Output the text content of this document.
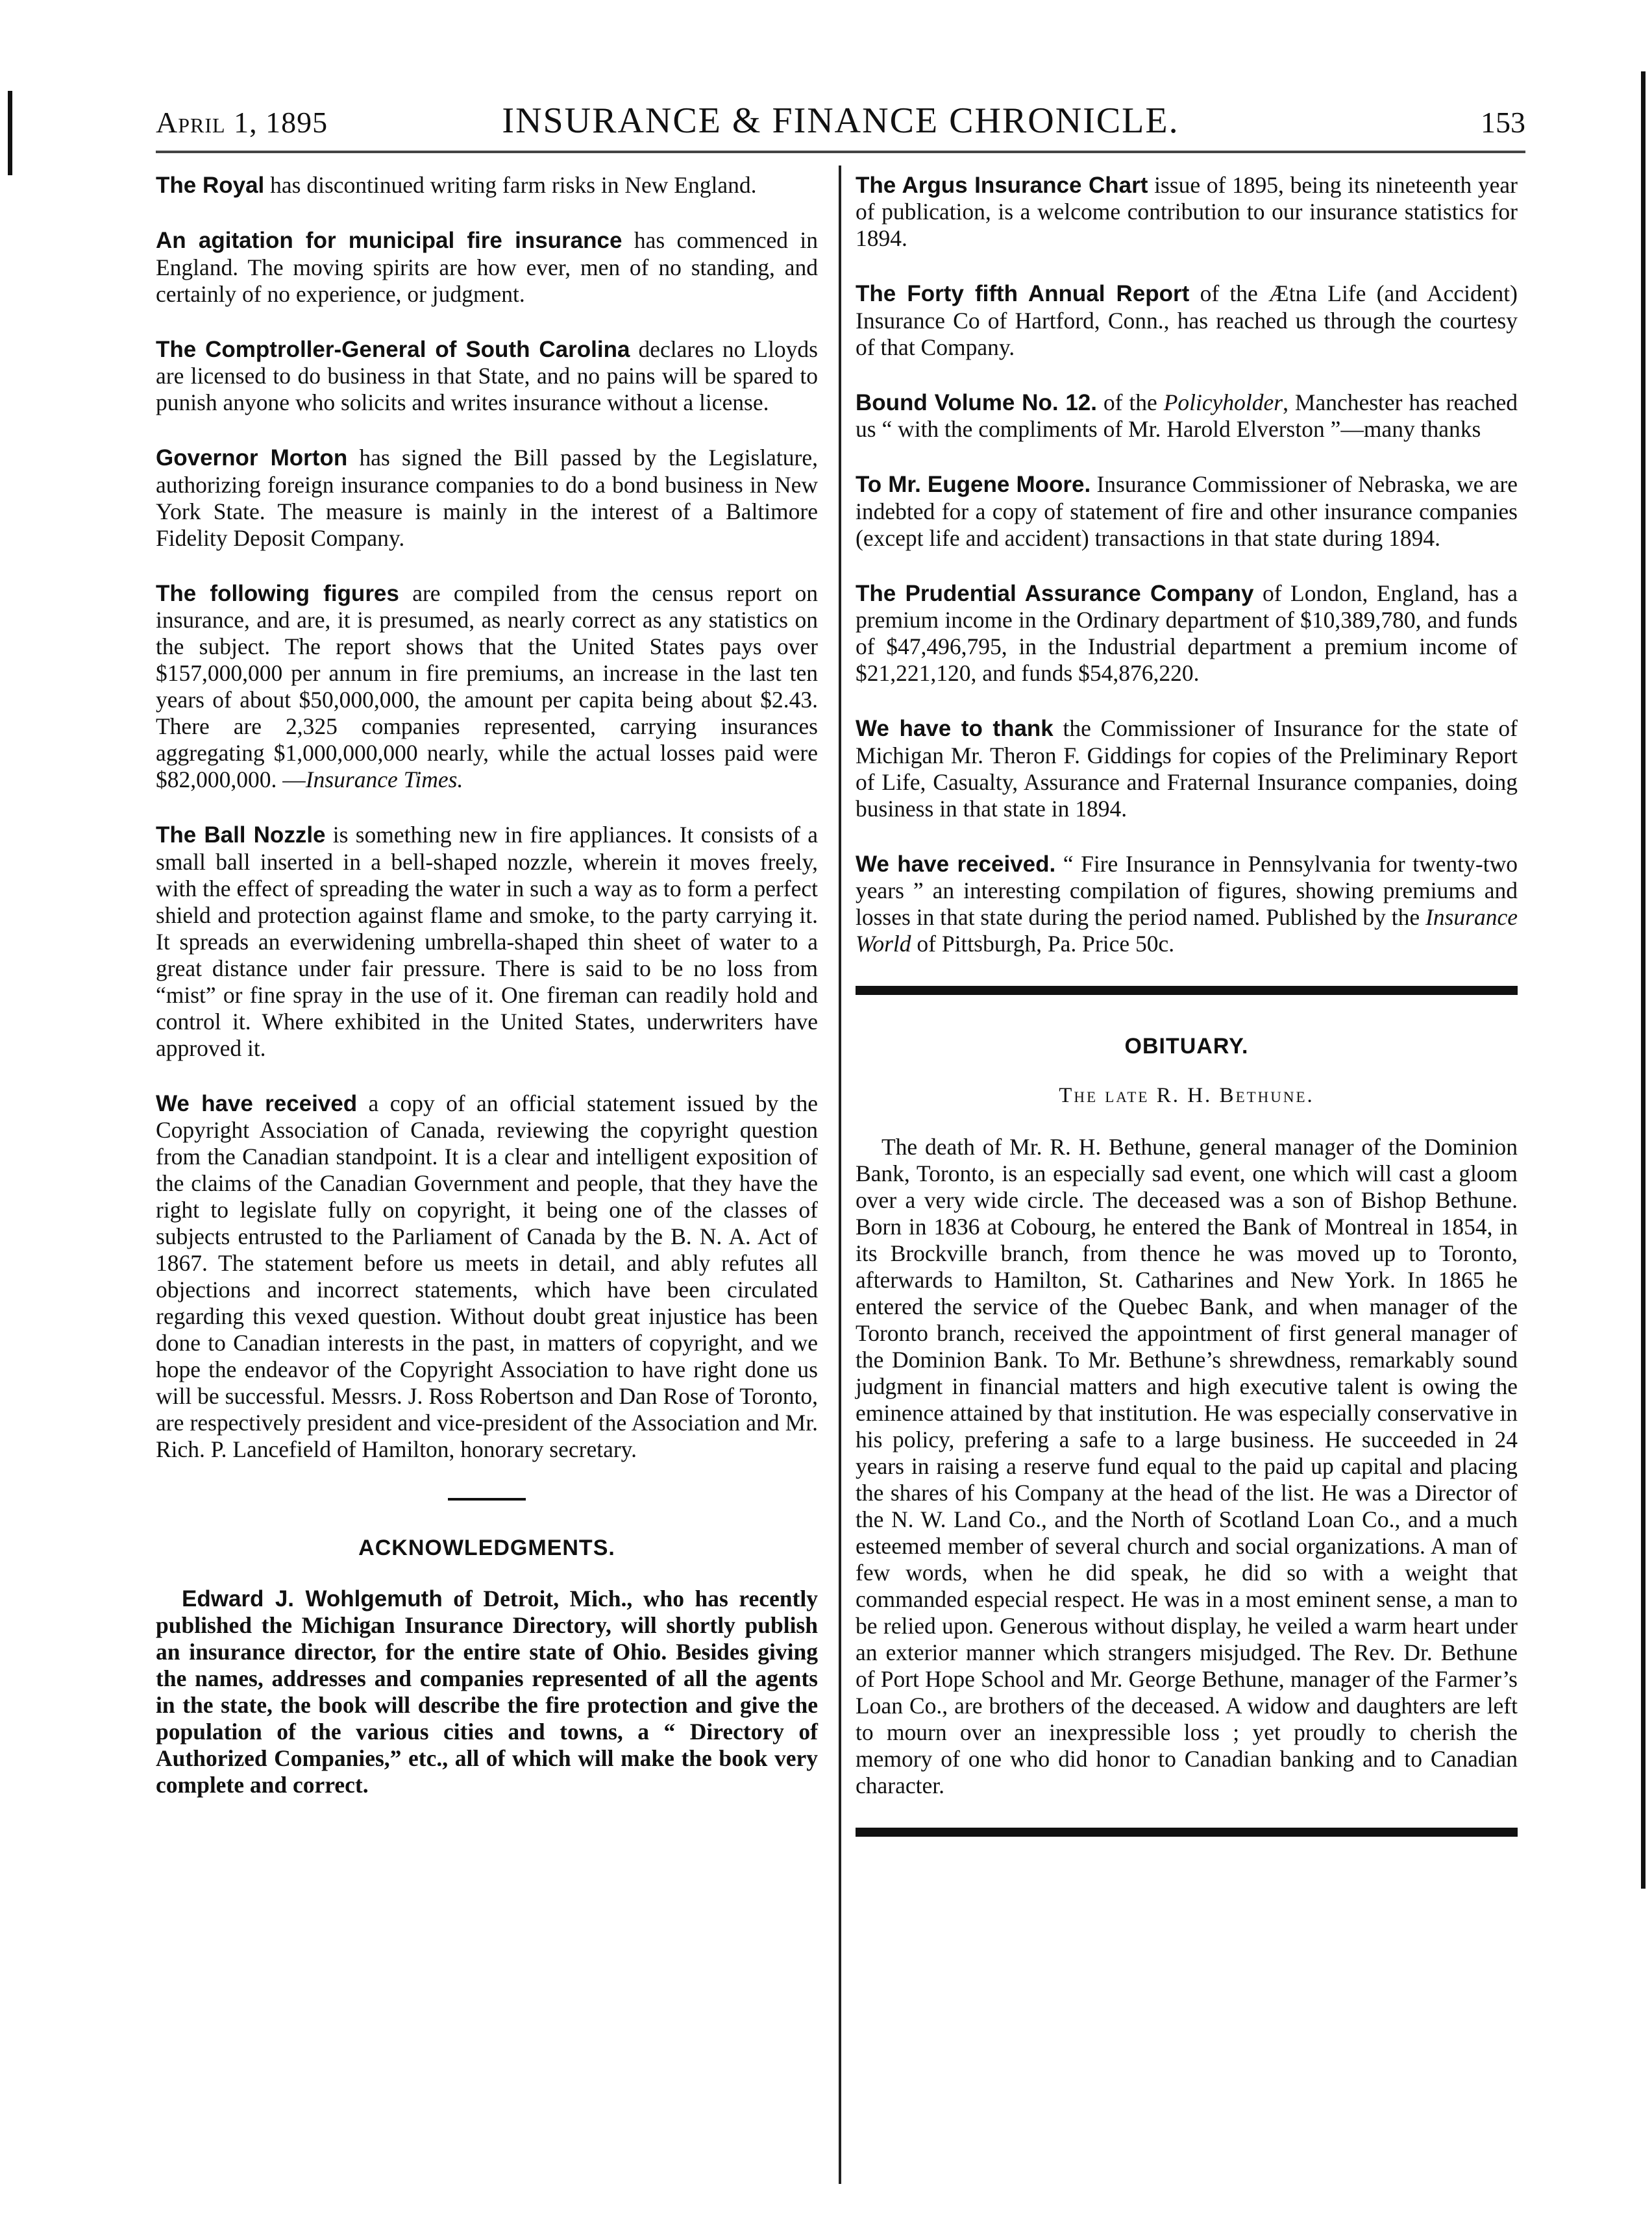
April 1, 1895	INSURANCE & FINANCE CHRONICLE.	153

The Royal has discontinued writing farm risks in New England.

An agitation for municipal fire insurance has commenced in England. The moving spirits are how ever, men of no standing, and certainly of no experience, or judgment.

The Comptroller-General of South Carolina declares no Lloyds are licensed to do business in that State, and no pains will be spared to punish anyone who solicits and writes insurance without a license.

Governor Morton has signed the Bill passed by the Legislature, authorizing foreign insurance companies to do a bond business in New York State. The measure is mainly in the interest of a Baltimore Fidelity Deposit Company.

The following figures are compiled from the census report on insurance, and are, it is presumed, as nearly correct as any statistics on the subject. The report shows that the United States pays over $157,000,000 per annum in fire premiums, an increase in the last ten years of about $50,000,000, the amount per capita being about $2.43. There are 2,325 companies represented, carrying insurances aggregating $1,000,000,000 nearly, while the actual losses paid were $82,000,000. —Insurance Times.

The Ball Nozzle is something new in fire appliances. It consists of a small ball inserted in a bell-shaped nozzle, wherein it moves freely, with the effect of spreading the water in such a way as to form a perfect shield and protection against flame and smoke, to the party carrying it. It spreads an everwidening umbrella-shaped thin sheet of water to a great distance under fair pressure. There is said to be no loss from “mist” or fine spray in the use of it. One fireman can readily hold and control it. Where exhibited in the United States, underwriters have approved it.

We have received a copy of an official statement issued by the Copyright Association of Canada, reviewing the copyright question from the Canadian standpoint. It is a clear and intelligent exposition of the claims of the Canadian Government and people, that they have the right to legislate fully on copyright, it being one of the classes of subjects entrusted to the Parliament of Canada by the B. N. A. Act of 1867. The statement before us meets in detail, and ably refutes all objections and incorrect statements, which have been circulated regarding this vexed question. Without doubt great injustice has been done to Canadian interests in the past, in matters of copyright, and we hope the endeavor of the Copyright Association to have right done us will be successful. Messrs. J. Ross Robertson and Dan Rose of Toronto, are respectively president and vice-president of the Association and Mr. Rich. P. Lancefield of Hamilton, honorary secretary.

ACKNOWLEDGMENTS.

Edward J. Wohlgemuth of Detroit, Mich., who has recently published the Michigan Insurance Directory, will shortly publish an insurance director, for the entire state of Ohio. Besides giving the names, addresses and companies represented of all the agents in the state, the book will describe the fire protection and give the population of the various cities and towns, a “ Directory of Authorized Companies,” etc., all of which will make the book very complete and correct.

The Argus Insurance Chart issue of 1895, being its nineteenth year of publication, is a welcome contribution to our insurance statistics for 1894.

The Forty fifth Annual Report of the Ætna Life (and Accident) Insurance Co of Hartford, Conn., has reached us through the courtesy of that Company.

Bound Volume No. 12. of the Policyholder, Manchester has reached us “ with the compliments of Mr. Harold Elverston ”—many thanks

To Mr. Eugene Moore. Insurance Commissioner of Nebraska, we are indebted for a copy of statement of fire and other insurance companies (except life and accident) transactions in that state during 1894.

The Prudential Assurance Company of London, England, has a premium income in the Ordinary department of $10,389,780, and funds of $47,496,795, in the Industrial department a premium income of $21,221,120, and funds $54,876,220.

We have to thank the Commissioner of Insurance for the state of Michigan Mr. Theron F. Giddings for copies of the Preliminary Report of Life, Casualty, Assurance and Fraternal Insurance companies, doing business in that state in 1894.

We have received. “ Fire Insurance in Pennsylvania for twenty-two years ” an interesting compilation of figures, showing premiums and losses in that state during the period named. Published by the Insurance World of Pittsburgh, Pa. Price 50c.

OBITUARY.
The late R. H. Bethune.

The death of Mr. R. H. Bethune, general manager of the Dominion Bank, Toronto, is an especially sad event, one which will cast a gloom over a very wide circle. The deceased was a son of Bishop Bethune. Born in 1836 at Cobourg, he entered the Bank of Montreal in 1854, in its Brockville branch, from thence he was moved up to Toronto, afterwards to Hamilton, St. Catharines and New York. In 1865 he entered the service of the Quebec Bank, and when manager of the Toronto branch, received the appointment of first general manager of the Dominion Bank. To Mr. Bethune’s shrewdness, remarkably sound judgment in financial matters and high executive talent is owing the eminence attained by that institution. He was especially conservative in his policy, prefering a safe to a large business. He succeeded in 24 years in raising a reserve fund equal to the paid up capital and placing the shares of his Company at the head of the list. He was a Director of the N. W. Land Co., and the North of Scotland Loan Co., and a much esteemed member of several church and social organizations. A man of few words, when he did speak, he did so with a weight that commanded especial respect. He was in a most eminent sense, a man to be relied upon. Generous without display, he veiled a warm heart under an exterior manner which strangers misjudged. The Rev. Dr. Bethune of Port Hope School and Mr. George Bethune, manager of the Farmer’s Loan Co., are brothers of the deceased. A widow and daughters are left to mourn over an inexpressible loss ; yet proudly to cherish the memory of one who did honor to Canadian banking and to Canadian character.
